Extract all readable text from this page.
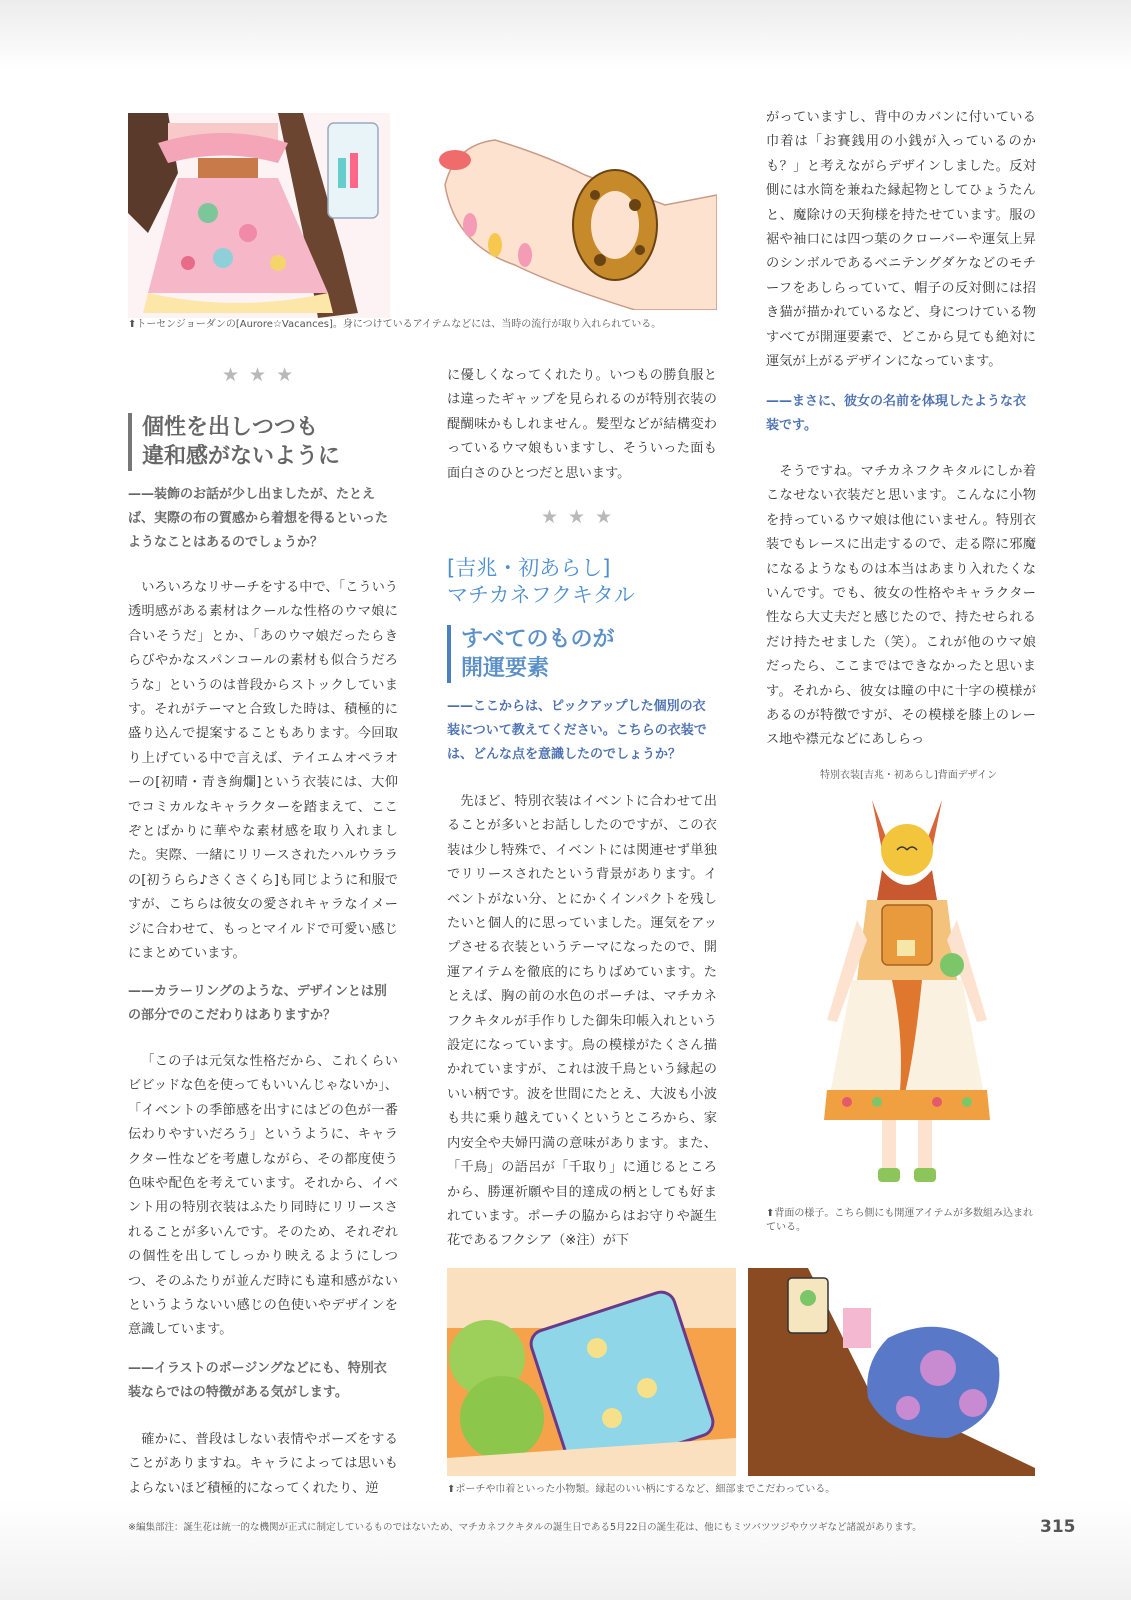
⬆トーセンジョーダンの[Aurore☆Vacances]。身につけているアイテムなどには、当時の流行が取り入れられている。
★★★
個性を出しつつも
違和感がないように
——装飾のお話が少し出ましたが、たとえば、実際の布の質感から着想を得るといったようなことはあるのでしょうか？

いろいろなリサーチをする中で、「こういう透明感がある素材はクールな性格のウマ娘に合いそうだ」とか、「あのウマ娘だったらきらびやかなスパンコールの素材も似合うだろうな」というのは普段からストックしています。それがテーマと合致した時は、積極的に盛り込んで提案することもあります。今回取り上げている中で言えば、テイエムオペラオーの[初晴・青き絢爛]という衣装には、大仰でコミカルなキャラクターを踏まえて、ここぞとばかりに華やな素材感を取り入れました。実際、一緒にリリースされたハルウララの[初うらら♪さくさくら]も同じように和服ですが、こちらは彼女の愛されキャラなイメージに合わせて、もっとマイルドで可愛い感じにまとめています。

——カラーリングのような、デザインとは別の部分でのこだわりはありますか？

「この子は元気な性格だから、これくらいビビッドな色を使ってもいいんじゃないか」、「イベントの季節感を出すにはどの色が一番伝わりやすいだろう」というように、キャラクター性などを考慮しながら、その都度使う色味や配色を考えています。それから、イベント用の特別衣装はふたり同時にリリースされることが多いんです。そのため、それぞれの個性を出してしっかり映えるようにしつつ、そのふたりが並んだ時にも違和感がないというようないい感じの色使いやデザインを意識しています。

——イラストのポージングなどにも、特別衣装ならではの特徴がある気がします。

確かに、普段はしない表情やポーズをすることがありますね。キャラによっては思いもよらないほど積極的になってくれたり、逆

に優しくなってくれたり。いつもの勝負服とは違ったギャップを見られるのが特別衣装の醍醐味かもしれません。髪型などが結構変わっているウマ娘もいますし、そういった面も面白さのひとつだと思います。

★★★
[吉兆・初あらし]
マチカネフクキタル
すべてのものが
開運要素
——ここからは、ピックアップした個別の衣装について教えてください。こちらの衣装では、どんな点を意識したのでしょうか？

先ほど、特別衣装はイベントに合わせて出ることが多いとお話ししたのですが、この衣装は少し特殊で、イベントには関連せず単独でリリースされたという背景があります。イベントがない分、とにかくインパクトを残したいと個人的に思っていました。運気をアップさせる衣装というテーマになったので、開運アイテムを徹底的にちりばめています。たとえば、胸の前の水色のポーチは、マチカネフクキタルが手作りした御朱印帳入れという設定になっています。鳥の模様がたくさん描かれていますが、これは波千鳥という縁起のいい柄です。波を世間にたとえ、大波も小波も共に乗り越えていくというところから、家内安全や夫婦円満の意味があります。また、「千鳥」の語呂が「千取り」に通じるところから、勝運祈願や目的達成の柄としても好まれています。ポーチの脇からはお守りや誕生花であるフクシア（※注）が下

がっていますし、背中のカバンに付いている巾着は「お賽銭用の小銭が入っているのかも？」と考えながらデザインしました。反対側には水筒を兼ねた縁起物としてひょうたんと、魔除けの天狗様を持たせています。服の裾や袖口には四つ葉のクローバーや運気上昇のシンボルであるベニテングダケなどのモチーフをあしらっていて、帽子の反対側には招き猫が描かれているなど、身につけている物すべてが開運要素で、どこから見ても絶対に運気が上がるデザインになっています。

——まさに、彼女の名前を体現したような衣装です。

そうですね。マチカネフクキタルにしか着こなせない衣装だと思います。こんなに小物を持っているウマ娘は他にいません。特別衣装でもレースに出走するので、走る際に邪魔になるようなものは本当はあまり入れたくないんです。でも、彼女の性格やキャラクター性なら大丈夫だと感じたので、持たせられるだけ持たせました（笑）。これが他のウマ娘だったら、ここまではできなかったと思います。それから、彼女は瞳の中に十字の模様があるのが特徴ですが、その模様を膝上のレース地や襟元などにあしらっ

特別衣装[吉兆・初あらし]背面デザイン
⬆背面の様子。こちら側にも開運アイテムが多数組み込まれている。
⬆ポーチや巾着といった小物類。縁起のいい柄にするなど、細部までこだわっている。
※編集部注：誕生花は統一的な機関が正式に制定しているものではないため、マチカネフクキタルの誕生日である5月22日の誕生花は、他にもミツバツツジやウツギなど諸説があります。	315
